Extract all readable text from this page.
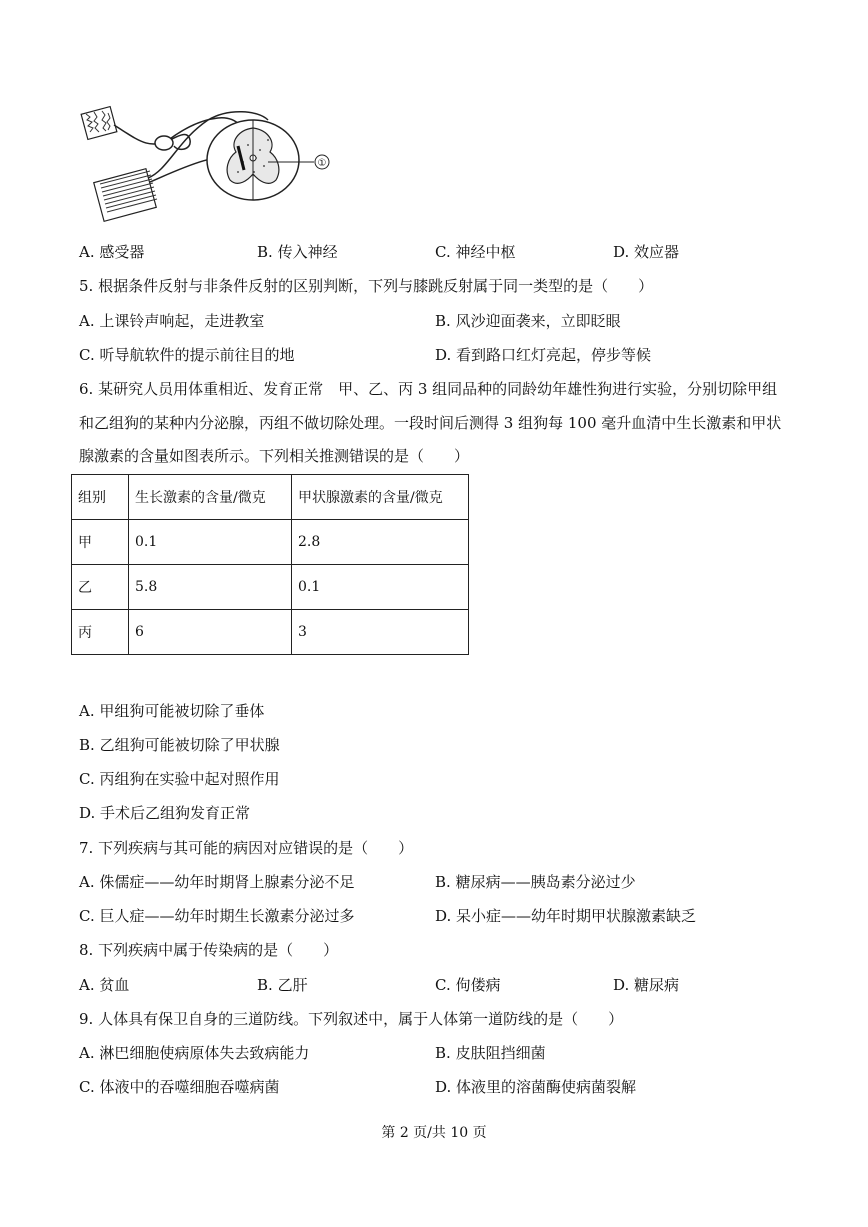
①
A. 感受器	B. 传入神经	C. 神经中枢	D. 效应器
5. 根据条件反射与非条件反射的区别判断，下列与膝跳反射属于同一类型的是（　　）
A. 上课铃声响起，走进教室	B. 风沙迎面袭来，立即眨眼
C. 听导航软件的提示前往目的地	D. 看到路口红灯亮起，停步等候
6. 某研究人员用体重相近、发育正常　甲、乙、丙 3 组同品种的同龄幼年雄性狗进行实验，分别切除甲组
和乙组狗的某种内分泌腺，丙组不做切除处理。一段时间后测得 3 组狗每 100 毫升血清中生长激素和甲状
腺激素的含量如图表所示。下列相关推测错误的是（　　）
组别	生长激素的含量/微克	甲状腺激素的含量/微克
甲	0.1	2.8
乙	5.8	0.1
丙	6	3
A. 甲组狗可能被切除了垂体
B. 乙组狗可能被切除了甲状腺
C. 丙组狗在实验中起对照作用
D. 手术后乙组狗发育正常
7. 下列疾病与其可能的病因对应错误的是（　　）
A. 侏儒症——幼年时期肾上腺素分泌不足	B. 糖尿病——胰岛素分泌过少
C. 巨人症——幼年时期生长激素分泌过多	D. 呆小症——幼年时期甲状腺激素缺乏
8. 下列疾病中属于传染病的是（　　）
A. 贫血	B. 乙肝	C. 佝偻病	D. 糖尿病
9. 人体具有保卫自身的三道防线。下列叙述中，属于人体第一道防线的是（　　）
A. 淋巴细胞使病原体失去致病能力	B. 皮肤阻挡细菌
C. 体液中的吞噬细胞吞噬病菌	D. 体液里的溶菌酶使病菌裂解
第 2 页/共 10 页
